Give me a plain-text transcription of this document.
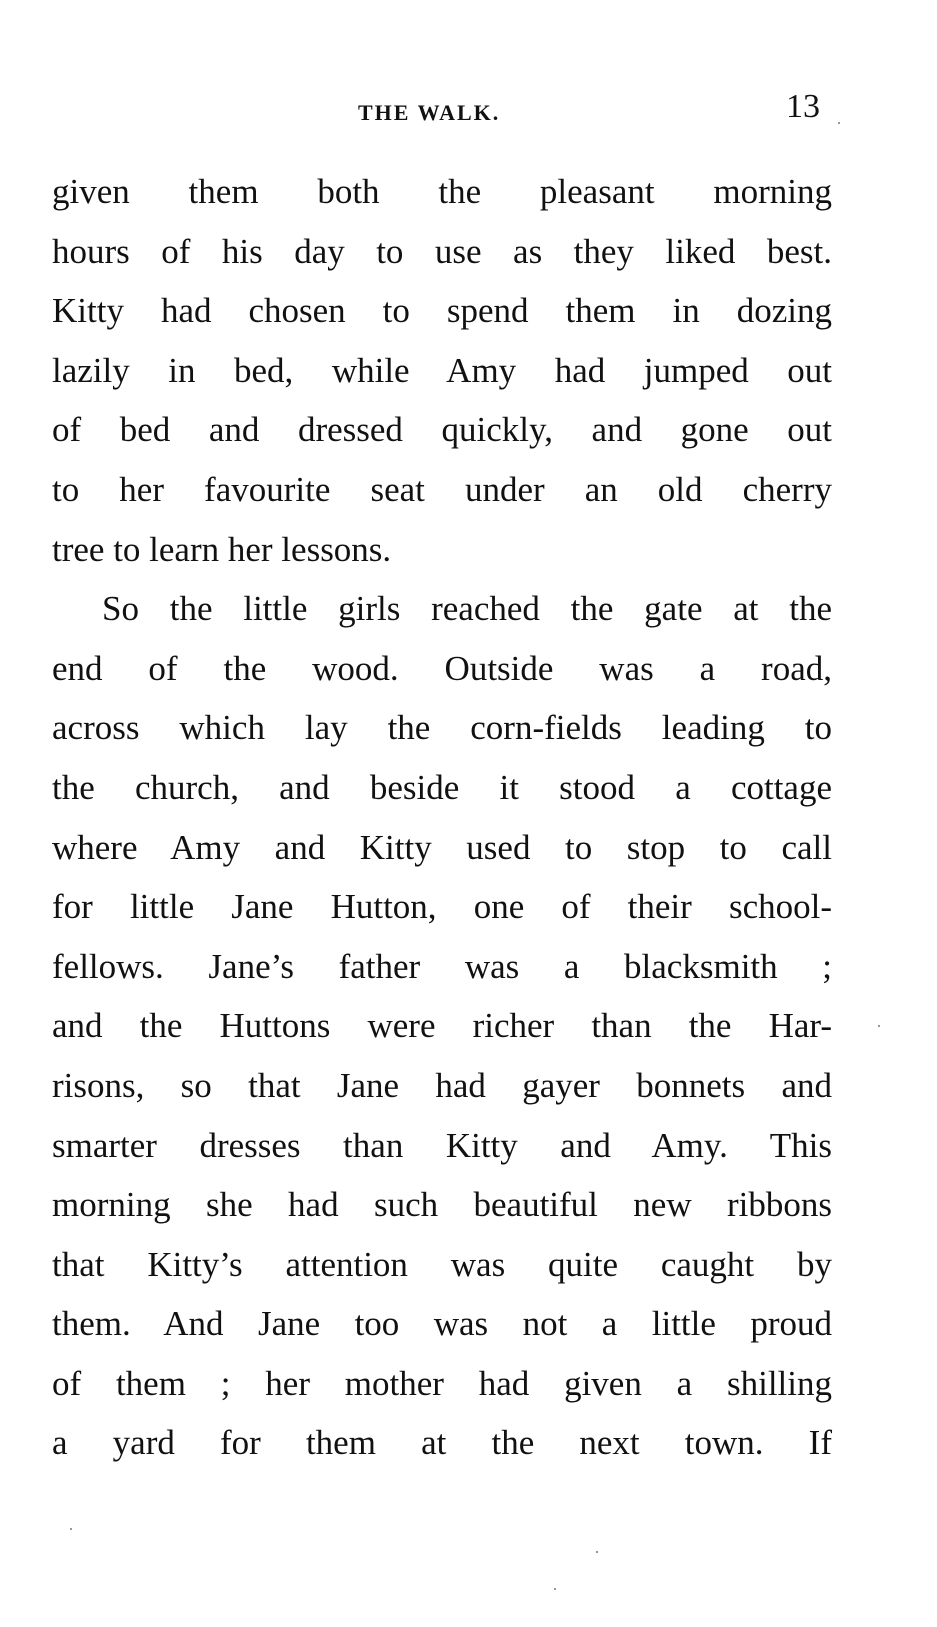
THE WALK.	13
given them both the pleasant morning
hours of his day to use as they liked best.
Kitty had chosen to spend them in dozing
lazily in bed, while Amy had jumped out
of bed and dressed quickly, and gone out
to her favourite seat under an old cherry
tree to learn her lessons.
So the little girls reached the gate at the
end of the wood. Outside was a road,
across which lay the corn-fields leading to
the church, and beside it stood a cottage
where Amy and Kitty used to stop to call
for little Jane Hutton, one of their school-
fellows. Jane’s father was a blacksmith ;
and the Huttons were richer than the Har-
risons, so that Jane had gayer bonnets and
smarter dresses than Kitty and Amy. This
morning she had such beautiful new ribbons
that Kitty’s attention was quite caught by
them. And Jane too was not a little proud
of them ; her mother had given a shilling
a yard for them at the next town. If
